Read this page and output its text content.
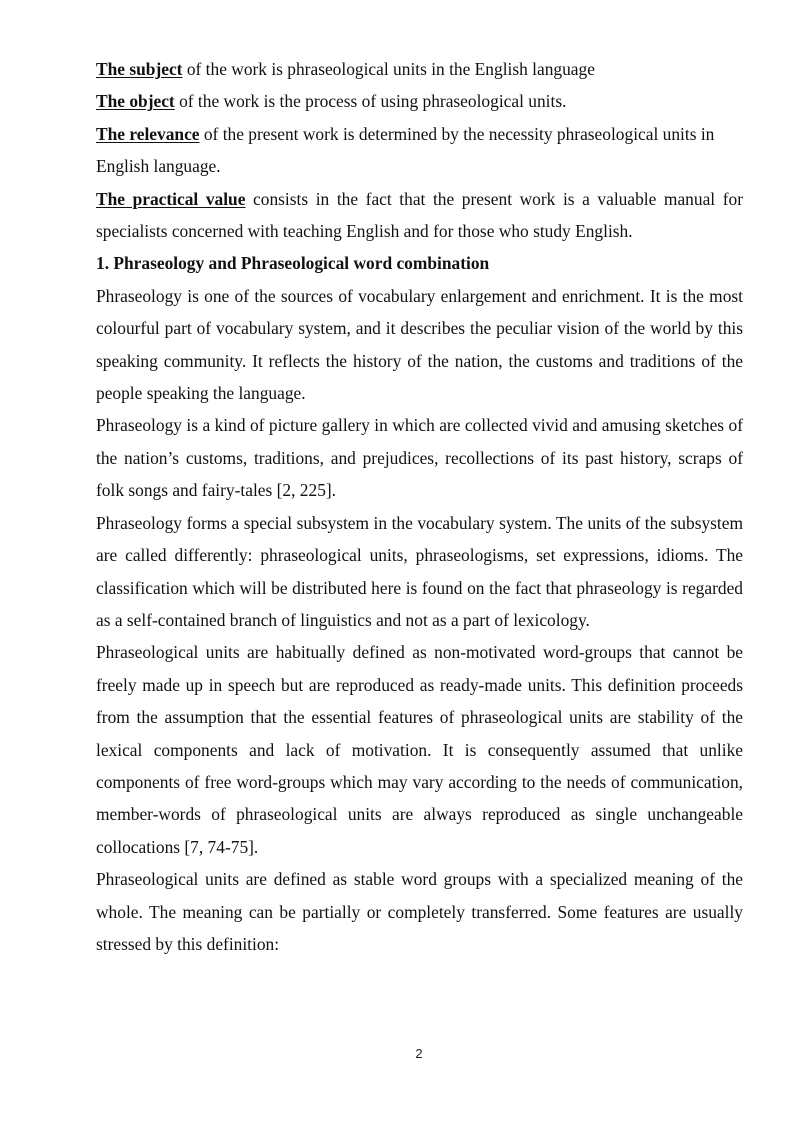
The subject of the work is phraseological units in the English language

The object of the work is the process of using phraseological units.

The relevance of the present work is determined by the necessity phraseological units in English language.

The practical value consists in the fact that the present work is a valuable manual for specialists concerned with teaching English and for those who study English.

1. Phraseology and Phraseological word combination

Phraseology is one of the sources of vocabulary enlargement and enrichment. It is the most colourful part of vocabulary system, and it describes the peculiar vision of the world by this speaking community. It reflects the history of the nation, the customs and traditions of the people speaking the language.

Phraseology is a kind of picture gallery in which are collected vivid and amusing sketches of the nation’s customs, traditions, and prejudices, recollections of its past history, scraps of folk songs and fairy-tales [2, 225].

Phraseology forms a special subsystem in the vocabulary system. The units of the subsystem are called differently: phraseological units, phraseologisms, set expressions, idioms. The classification which will be distributed here is found on the fact that phraseology is regarded as a self-contained branch of linguistics and not as a part of lexicology.

Phraseological units are habitually defined as non-motivated word-groups that cannot be freely made up in speech but are reproduced as ready-made units. This definition proceeds from the assumption that the essential features of phraseological units are stability of the lexical components and lack of motivation. It is consequently assumed that unlike components of free word-groups which may vary according to the needs of communication, member-words of phraseological units are always reproduced as single unchangeable collocations [7, 74-75].

Phraseological units are defined as stable word groups with a specialized meaning of the whole. The meaning can be partially or completely transferred. Some features are usually stressed by this definition:

2
